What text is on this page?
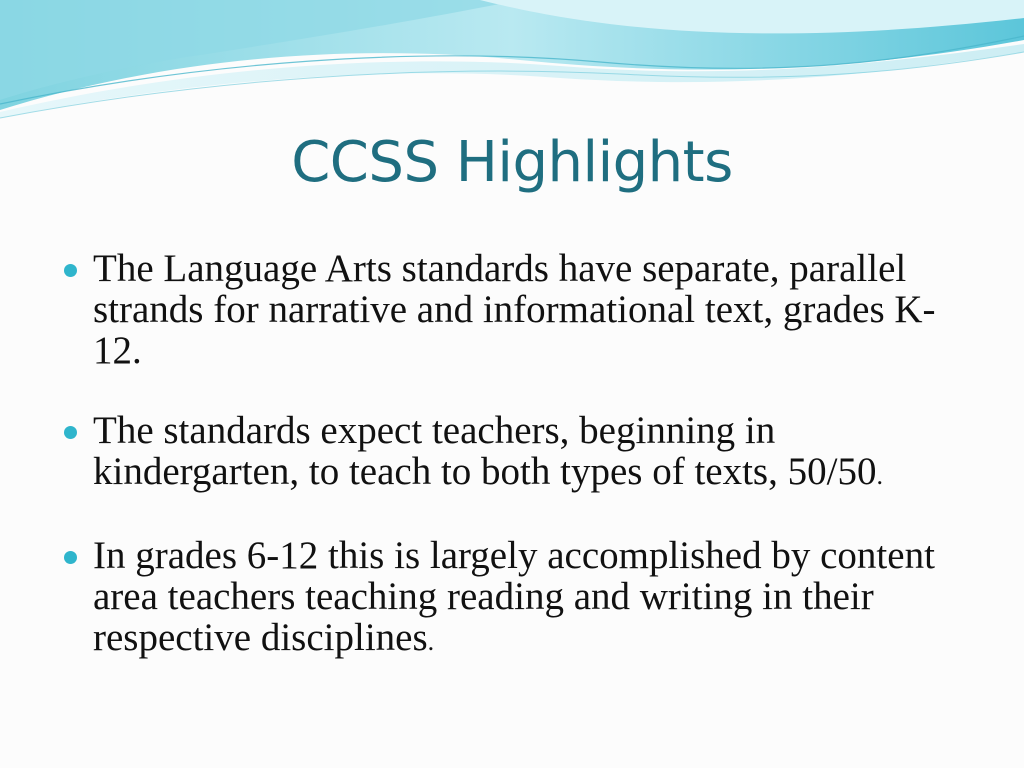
CCSS Highlights
The Language Arts standards have separate, parallel strands for narrative and informational text, grades K-12.
The standards expect teachers, beginning in kindergarten, to teach to both types of texts, 50/50.
In grades 6-12 this is largely accomplished by content area teachers teaching reading and writing in their respective disciplines.
